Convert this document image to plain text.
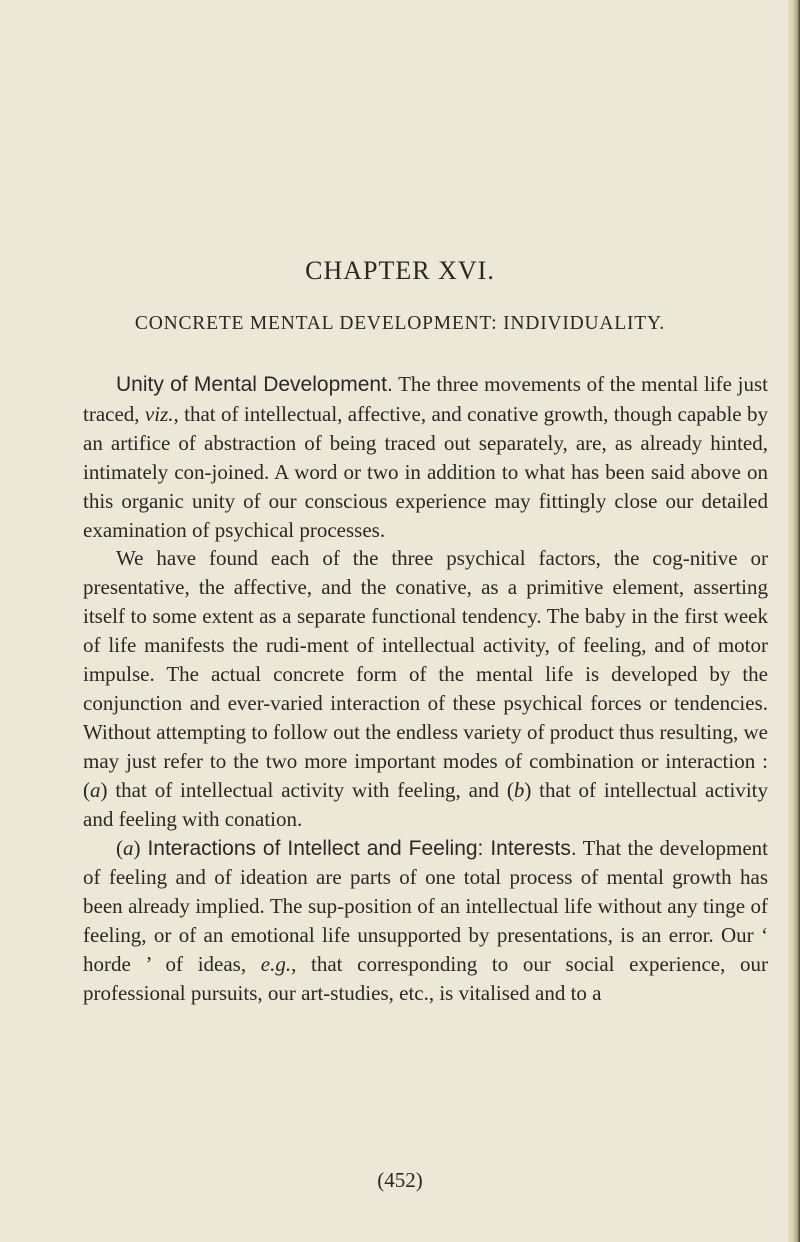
CHAPTER XVI.
CONCRETE MENTAL DEVELOPMENT: INDIVIDUALITY.

Unity of Mental Development. The three movements of the mental life just traced, viz., that of intellectual, affective, and conative growth, though capable by an artifice of abstraction of being traced out separately, are, as already hinted, intimately con-joined. A word or two in addition to what has been said above on this organic unity of our conscious experience may fittingly close our detailed examination of psychical processes.

We have found each of the three psychical factors, the cog-nitive or presentative, the affective, and the conative, as a primitive element, asserting itself to some extent as a separate functional tendency. The baby in the first week of life manifests the rudi-ment of intellectual activity, of feeling, and of motor impulse. The actual concrete form of the mental life is developed by the conjunction and ever-varied interaction of these psychical forces or tendencies. Without attempting to follow out the endless variety of product thus resulting, we may just refer to the two more important modes of combination or interaction : (a) that of intellectual activity with feeling, and (b) that of intellectual activity and feeling with conation.

(a) Interactions of Intellect and Feeling: Interests. That the development of feeling and of ideation are parts of one total process of mental growth has been already implied. The sup-position of an intellectual life without any tinge of feeling, or of an emotional life unsupported by presentations, is an error. Our ‘ horde ’ of ideas, e.g., that corresponding to our social experience, our professional pursuits, our art-studies, etc., is vitalised and to a

(452)
